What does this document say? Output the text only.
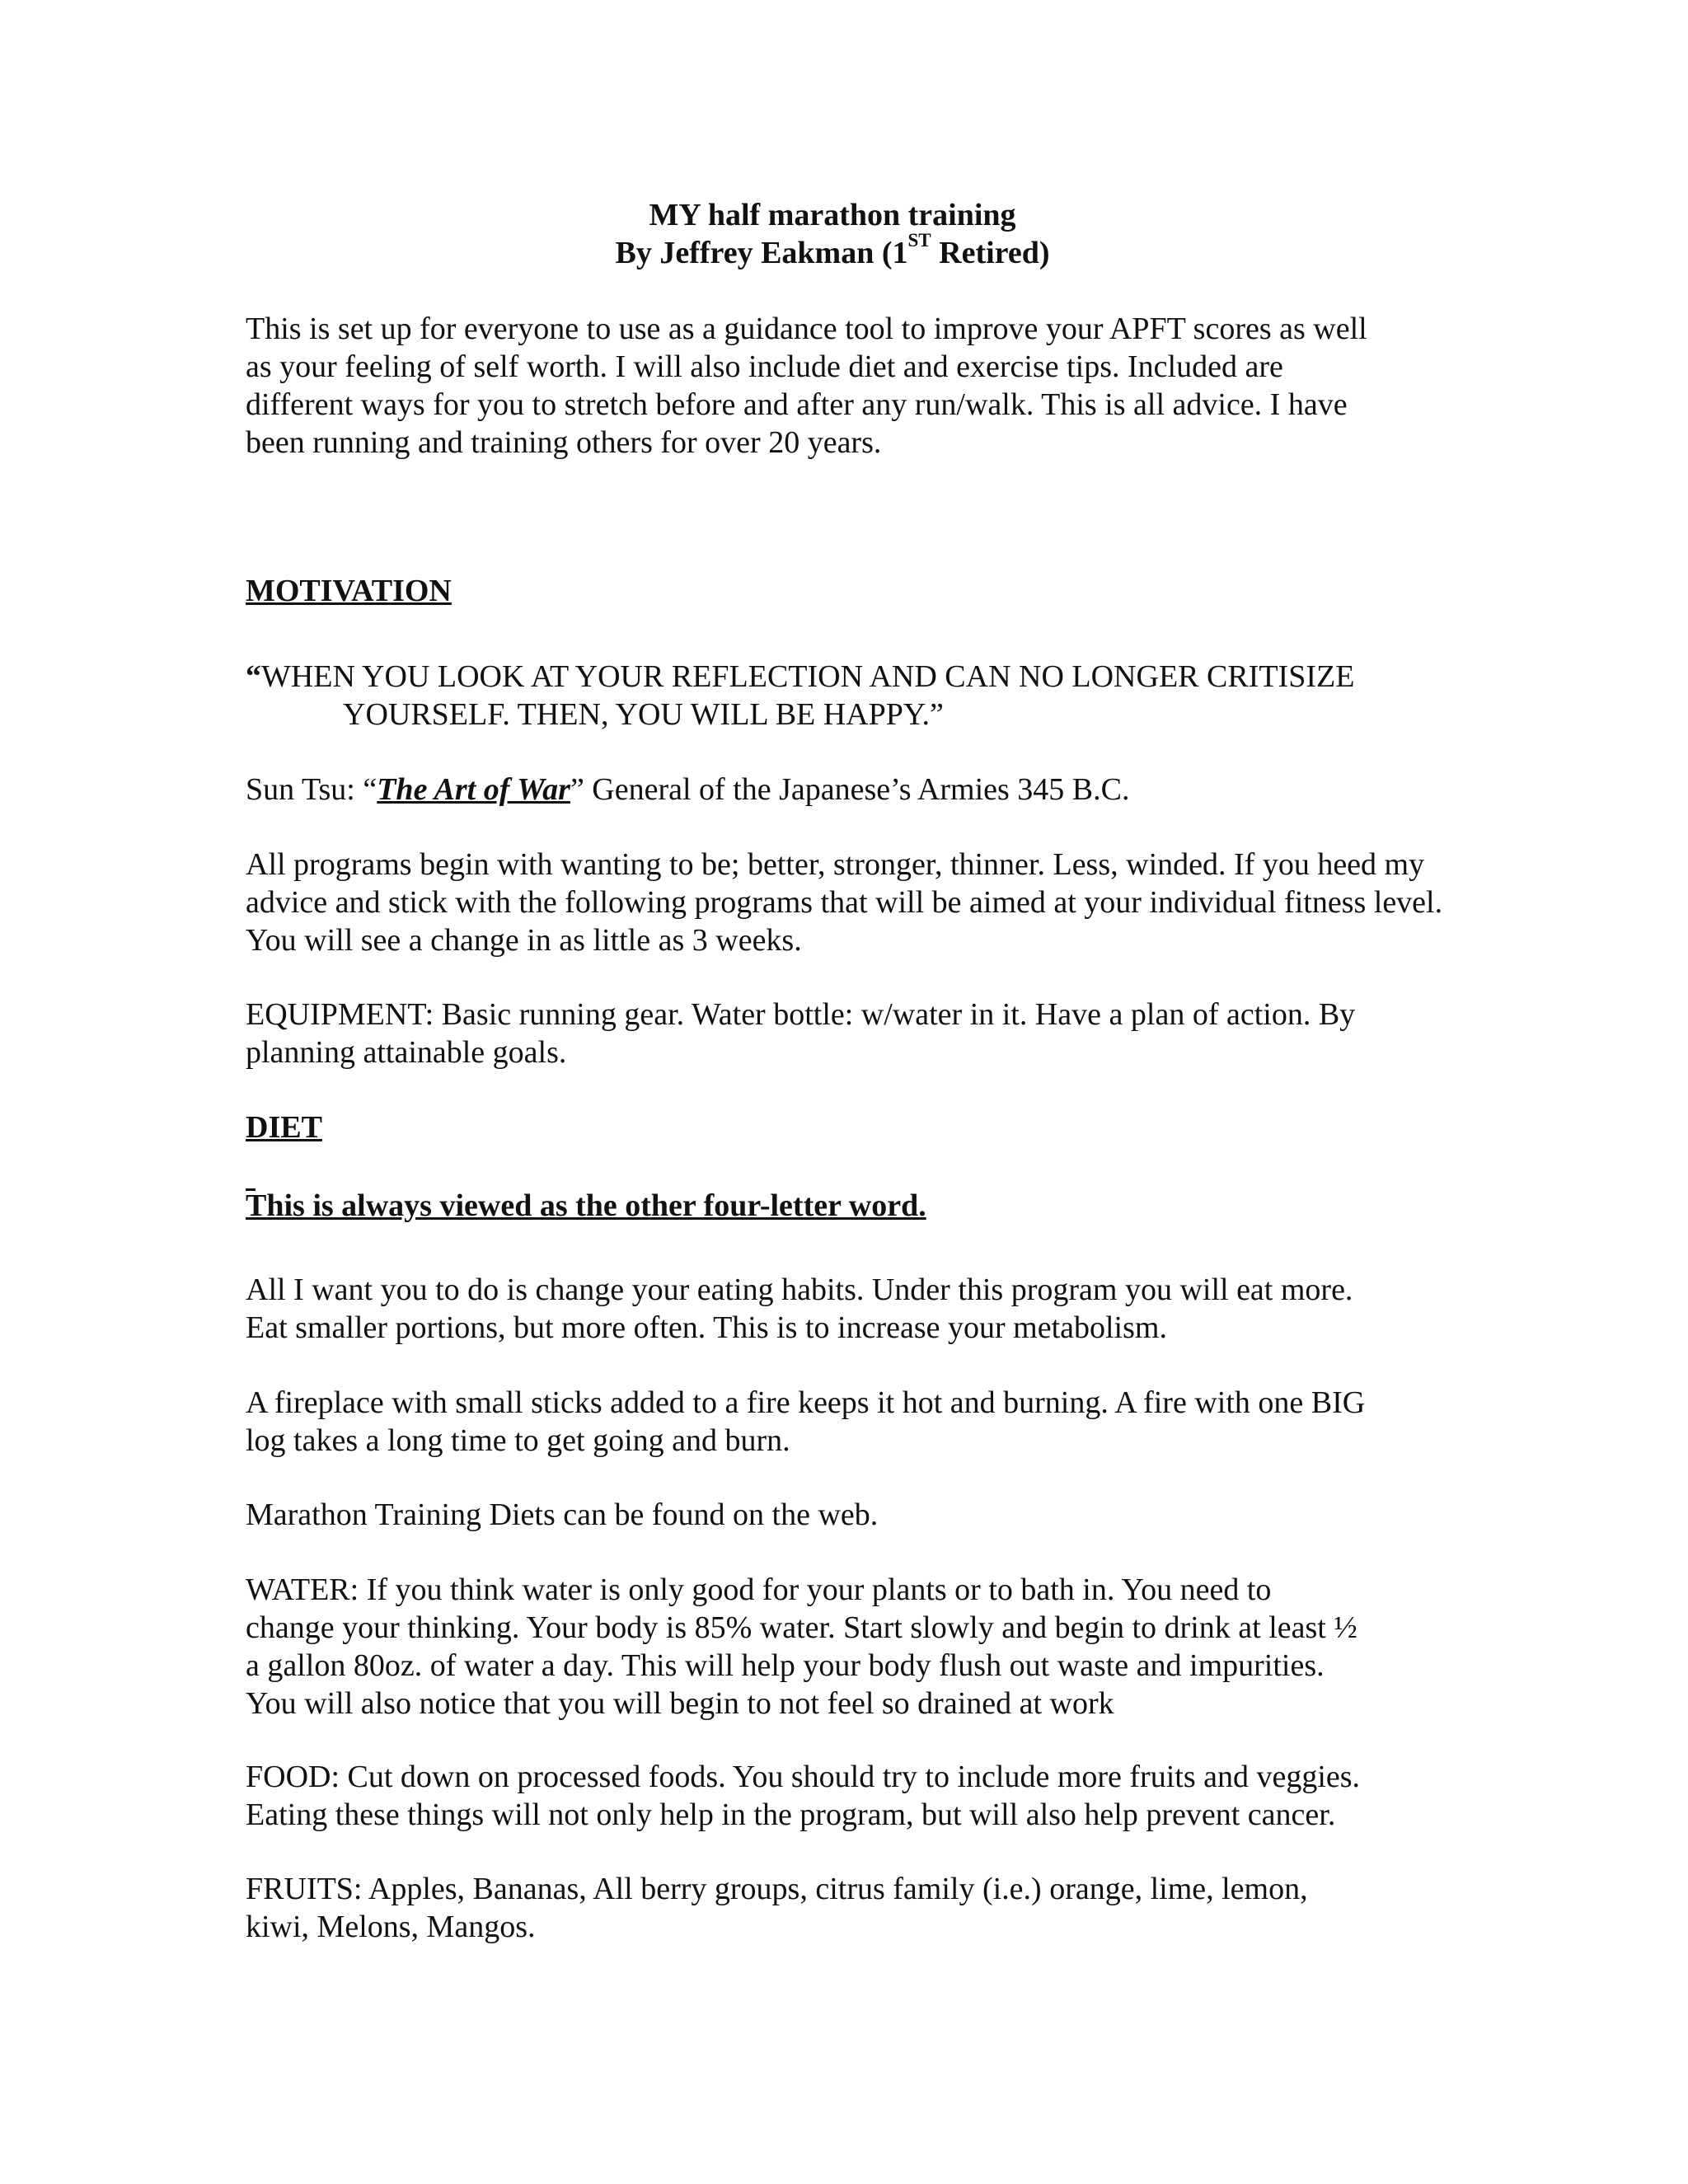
MY half marathon training
By Jeffrey Eakman (1ST Retired)
This is set up for everyone to use as a guidance tool to improve your APFT scores as well
as your feeling of self worth. I will also include diet and exercise tips. Included are
different ways for you to stretch before and after any run/walk. This is all advice. I have
been running and training others for over 20 years.
MOTIVATION
“WHEN YOU LOOK AT YOUR REFLECTION AND CAN NO LONGER CRITISIZE
YOURSELF. THEN, YOU WILL BE HAPPY.”
Sun Tsu: “The Art of War” General of the Japanese’s Armies 345 B.C.
All programs begin with wanting to be; better, stronger, thinner. Less, winded. If you heed my
advice and stick with the following programs that will be aimed at your individual fitness level.
You will see a change in as little as 3 weeks.
EQUIPMENT: Basic running gear. Water bottle: w/water in it. Have a plan of action. By
planning attainable goals.
DIET
This is always viewed as the other four-letter word.
All I want you to do is change your eating habits. Under this program you will eat more.
Eat smaller portions, but more often. This is to increase your metabolism.
A fireplace with small sticks added to a fire keeps it hot and burning. A fire with one BIG
log takes a long time to get going and burn.
Marathon Training Diets can be found on the web.
WATER: If you think water is only good for your plants or to bath in. You need to
change your thinking. Your body is 85% water. Start slowly and begin to drink at least ½
a gallon 80oz. of water a day. This will help your body flush out waste and impurities.
You will also notice that you will begin to not feel so drained at work
FOOD: Cut down on processed foods. You should try to include more fruits and veggies.
Eating these things will not only help in the program, but will also help prevent cancer.
FRUITS: Apples, Bananas, All berry groups, citrus family (i.e.) orange, lime, lemon,
kiwi, Melons, Mangos.
